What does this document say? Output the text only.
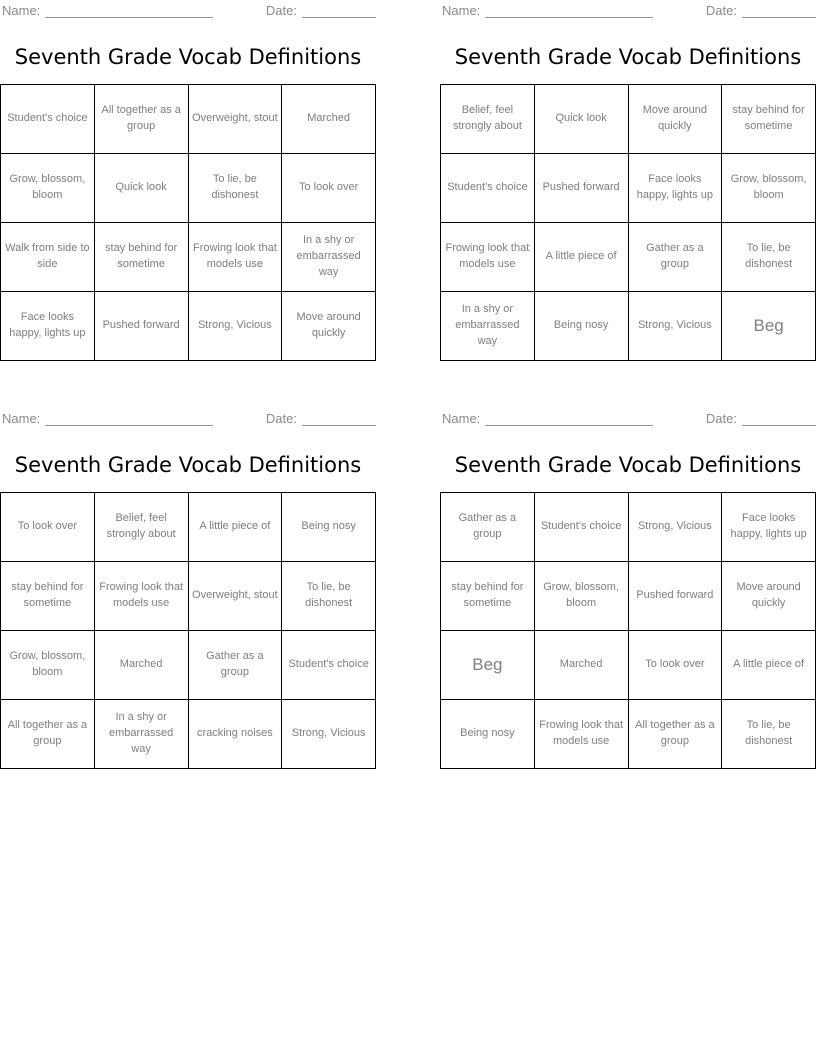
Name:	Date:
Seventh Grade Vocab Definitions
Student's choice	All together as a group	Overweight, stout	Marched
Grow, blossom, bloom	Quick look	To lie, be dishonest	To look over
Walk from side to side	stay behind for sometime	Frowing look that models use	In a shy or embarrassed way
Face looks happy, lights up	Pushed forward	Strong, Vicious	Move around quickly
Name:	Date:
Seventh Grade Vocab Definitions
Belief, feel strongly about	Quick look	Move around quickly	stay behind for sometime
Student's choice	Pushed forward	Face looks happy, lights up	Grow, blossom, bloom
Frowing look that models use	A little piece of	Gather as a group	To lie, be dishonest
In a shy or embarrassed way	Being nosy	Strong, Vicious	Beg
Name:	Date:
Seventh Grade Vocab Definitions
To look over	Belief, feel strongly about	A little piece of	Being nosy
stay behind for sometime	Frowing look that models use	Overweight, stout	To lie, be dishonest
Grow, blossom, bloom	Marched	Gather as a group	Student's choice
All together as a group	In a shy or embarrassed way	cracking noises	Strong, Vicious
Name:	Date:
Seventh Grade Vocab Definitions
Gather as a group	Student's choice	Strong, Vicious	Face looks happy, lights up
stay behind for sometime	Grow, blossom, bloom	Pushed forward	Move around quickly
Beg	Marched	To look over	A little piece of
Being nosy	Frowing look that models use	All together as a group	To lie, be dishonest
